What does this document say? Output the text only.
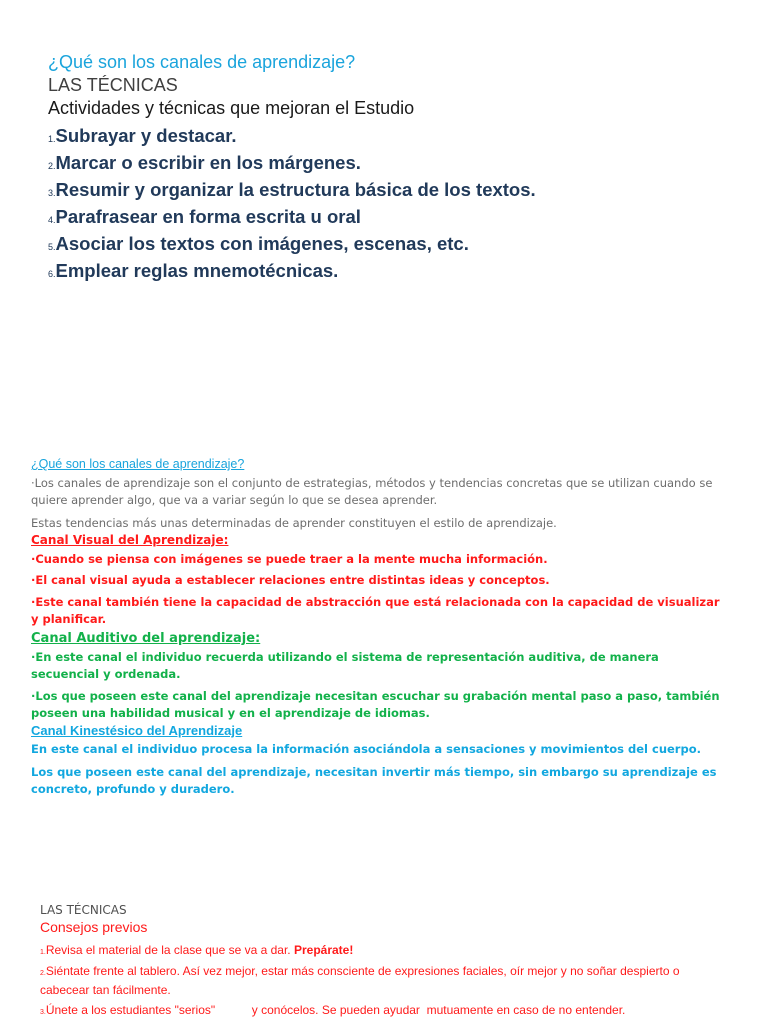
¿Qué son los canales de aprendizaje?
LAS TÉCNICAS
Actividades y técnicas que mejoran el Estudio
1.Subrayar y destacar.
2.Marcar o escribir en los márgenes.
3.Resumir y organizar la estructura básica de los textos.
4.Parafrasear en forma escrita u oral
5.Asociar los textos con imágenes, escenas, etc.
6.Emplear reglas mnemotécnicas.
¿Qué son los canales de aprendizaje?
·Los canales de aprendizaje son el conjunto de estrategias, métodos y tendencias concretas que se utilizan cuando se quiere aprender algo, que va a variar según lo que se desea aprender.
Estas tendencias más unas determinadas de aprender constituyen el estilo de aprendizaje.
Canal Visual del Aprendizaje:
·Cuando se piensa con imágenes se puede traer a la mente mucha información.
·El canal visual ayuda a establecer relaciones entre distintas ideas y conceptos.
·Este canal también tiene la capacidad de abstracción que está relacionada con la capacidad de visualizar y planificar.
Canal Auditivo del aprendizaje:
·En este canal el individuo recuerda utilizando el sistema de representación auditiva, de manera secuencial y ordenada.
·Los que poseen este canal del aprendizaje necesitan escuchar su grabación mental paso a paso, también poseen una habilidad musical y en el aprendizaje de idiomas.
Canal Kinestésico del Aprendizaje
En este canal el individuo procesa la información asociándola a sensaciones y movimientos del cuerpo.
Los que poseen este canal del aprendizaje, necesitan invertir más tiempo, sin embargo su aprendizaje es concreto, profundo y duradero.
LAS TÉCNICAS
Consejos previos
1.Revisa el material de la clase que se va a dar. Prepárate!
2.Siéntate frente al tablero. Así vez mejor, estar más consciente de expresiones faciales, oír mejor y no soñar despierto o cabecear tan fácilmente.
3.Únete a los estudiantes "serios"           y conócelos. Se pueden ayudar  mutuamente en caso de no entender.
